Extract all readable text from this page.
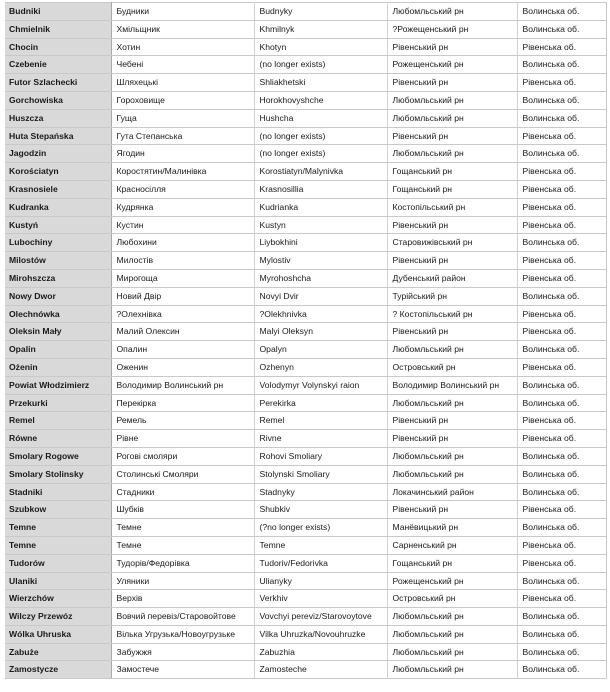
Budniki	Будники	Budnyky	Любомльський рн	Волинська об.
Chmielnik	Хмільщник	Khmilnyk	?Рожещенський рн	Волинська об.
Chocin	Хотин	Khotyn	Рівенський рн	Рівенська об.
Czebenie	Чебені	(no longer exists)	Рожещенський рн	Волинська об.
Futor Szlachecki	Шляхецькі	Shliakhetski	Рівенський рн	Рівенська об.
Gorchowiska	Гороховище	Horokhovyshche	Любомльський рн	Волинська об.
Huszcza	Гуща	Hushcha	Любомльський рн	Волинська об.
Huta Stepańska	Гута Степанська	(no longer exists)	Рівенський рн	Рівенська об.
Jagodzin	Ягодин	(no longer exists)	Любомльський рн	Волинська об.
Korościatyn	Коростятин/Малинівка	Korostiatyn/Malynivka	Гощанський рн	Рівенська об.
Krasnosiele	Красносілля	Krasnosillia	Гощанський рн	Рівенська об.
Kudranka	Кудрянка	Kudrianka	Костопільський рн	Рівенська об.
Kustyń	Кустин	Kustyn	Рівенський рн	Рівенська об.
Lubochiny	Любохини	Liybokhini	Старовижівський рн	Волинська об.
Milostów	Милостів	Mylostiv	Рівенський рн	Рівенська об.
Mirohszcza	Мирогоща	Myrohoshcha	Дубенський район	Рівенська об.
Nowy Dwor	Новий Двір	Novyi Dvir	Турійський рн	Волинська об.
Olechnówka	?Олехнівка	?Olekhnivka	? Костопільський рн	Рівенська об.
Oleksin Mały	Малий Олексин	Malyi Oleksyn	Рівенський рн	Рівенська об.
Opalin	Опалин	Opalyn	Любомльський рн	Волинська об.
Ożenin	Оженин	Ozhenyn	Островський рн	Рівенська об.
Powiat Włodzimierz	Володимир Волинський рн	Volodymyr Volynskyi raion	Володимир Волинський рн	Волинська об.
Przekurki	Перекірка	Perekirka	Любомльський рн	Волинська об.
Remel	Ремель	Remel	Рівенський рн	Рівенська об.
Równe	Рівне	Rivne	Рівенський рн	Рівенська об.
Smolary Rogowe	Рогові смоляри	Rohovi Smoliary	Любомльський рн	Волинська об.
Smolary Stolinsky	Столинські Смоляри	Stolynski Smoliary	Любомльський рн	Волинська об.
Stadniki	Стадники	Stadnyky	Локачинський район	Волинська об.
Szubkow	Шубків	Shubkiv	Рівенський рн	Рівенська об.
Temne	Темне	(?no longer exists)	Манёвицький рн	Волинська об.
Temne	Темне	Temne	Сарненський рн	Рівенська об.
Tudorów	Тудорів/Федорівка	Tudoriv/Fedorivka	Гощанський рн	Рівенська об.
Ulaniki	Уляники	Ulianyky	Рожещенський рн	Волинська об.
Wierzchów	Верхів	Verkhiv	Островський рн	Рівенська об.
Wilczy Przewóz	Вовчий перевіз/Старовойтове	Vovchyi pereviz/Starovoytove	Любомльський рн	Волинська об.
Wólka Uhruska	Вілька Угрузька/Новоугрузьке	Vilka Uhruzka/Novouhruzke	Любомльський рн	Волинська об.
Zabuże	Забужжя	Zabuzhia	Любомльський рн	Волинська об.
Zamostycze	Замостече	Zamosteche	Любомльський рн	Волинська об.
